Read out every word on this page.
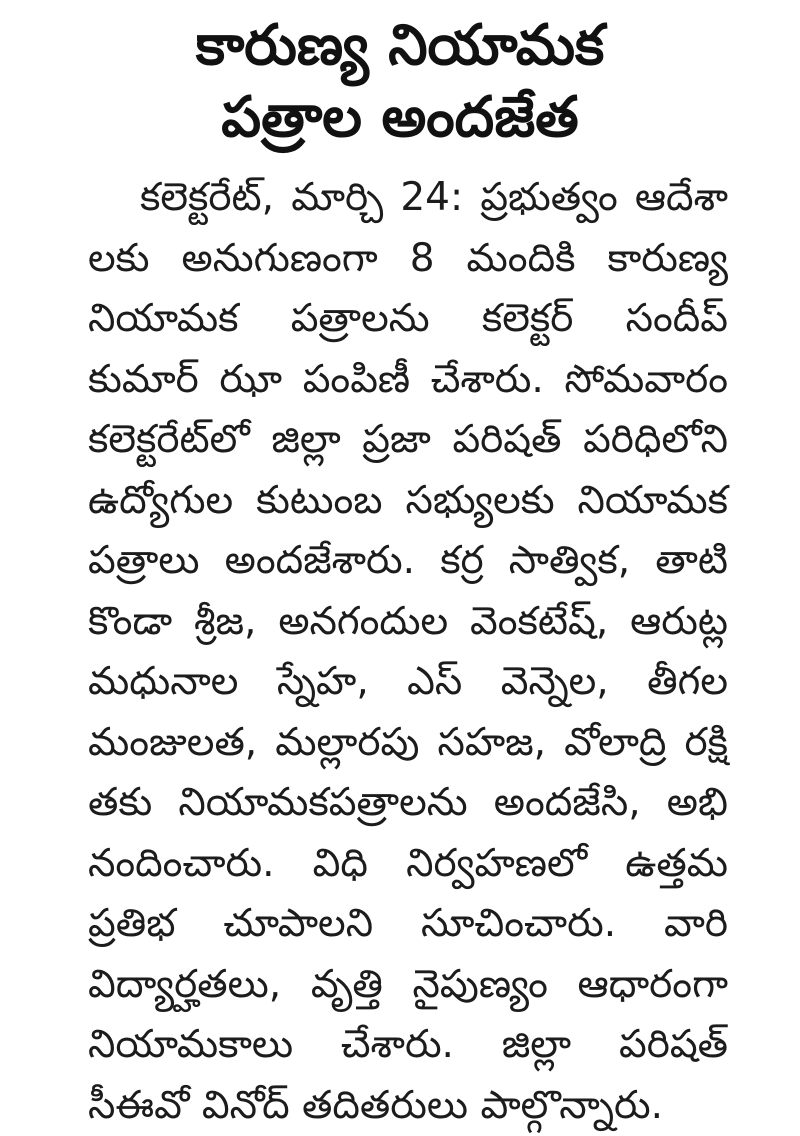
కారుణ్య నియామక
పత్రాల అందజేత
కలెక్టరేట్, మార్చి 24: ప్రభుత్వం ఆదేశా
లకు అనుగుణంగా 8 మందికి కారుణ్య
నియామక పత్రాలను కలెక్టర్ సందీప్
కుమార్ ఝా పంపిణీ చేశారు. సోమవారం
కలెక్టరేట్‌లో జిల్లా ప్రజా పరిషత్ పరిధిలోని
ఉద్యోగుల కుటుంబ సభ్యులకు నియామక
పత్రాలు అందజేశారు. కర్ర సాత్విక, తాటి
కొండా శ్రీజ, అనగందుల వెంకటేష్, ఆరుట్ల
మధునాల స్నేహ, ఎస్ వెన్నెల, తీగల
మంజులత, మల్లారపు సహజ, వోలాద్రి రక్షి
తకు నియామకపత్రాలను అందజేసి, అభి
నందించారు. విధి నిర్వహణలో ఉత్తమ
ప్రతిభ చూపాలని సూచించారు. వారి
విద్యార్హతలు, వృత్తి నైపుణ్యం ఆధారంగా
నియామకాలు చేశారు. జిల్లా పరిషత్
సీఈవో వినోద్ తదితరులు పాల్గొన్నారు.
